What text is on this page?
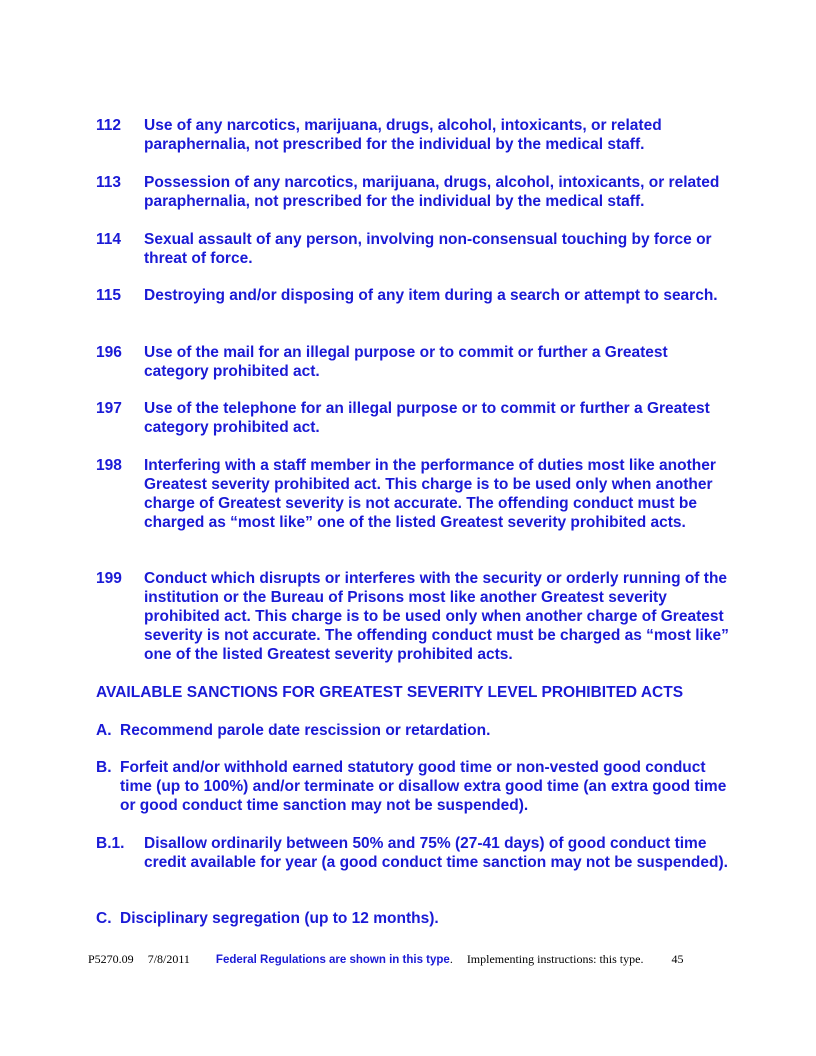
112	Use of any narcotics, marijuana, drugs, alcohol, intoxicants, or related paraphernalia, not prescribed for the individual by the medical staff.
113	Possession of any narcotics, marijuana, drugs, alcohol, intoxicants, or related paraphernalia, not prescribed for the individual by the medical staff.
114	Sexual assault of any person, involving non-consensual touching by force or threat of force.
115	Destroying and/or disposing of any item during a search or attempt to search.
196	Use of the mail for an illegal purpose or to commit or further a Greatest category prohibited act.
197	Use of the telephone for an illegal purpose or to commit or further a Greatest category prohibited act.
198	Interfering with a staff member in the performance of duties most like another Greatest severity prohibited act. This charge is to be used only when another charge of Greatest severity is not accurate. The offending conduct must be charged as “most like” one of the listed Greatest severity prohibited acts.
199	Conduct which disrupts or interferes with the security or orderly running of the institution or the Bureau of Prisons most like another Greatest severity prohibited act. This charge is to be used only when another charge of Greatest severity is not accurate. The offending conduct must be charged as “most like” one of the listed Greatest severity prohibited acts.
AVAILABLE SANCTIONS FOR GREATEST SEVERITY LEVEL PROHIBITED ACTS
A. Recommend parole date rescission or retardation.
B. Forfeit and/or withhold earned statutory good time or non-vested good conduct time (up to 100%) and/or terminate or disallow extra good time (an extra good time or good conduct time sanction may not be suspended).
B.1.	Disallow ordinarily between 50% and 75% (27-41 days) of good conduct time credit available for year (a good conduct time sanction may not be suspended).
C. Disciplinary segregation (up to 12 months).
P5270.09 7/8/2011 Federal Regulations are shown in this type. Implementing instructions: this type. 45
